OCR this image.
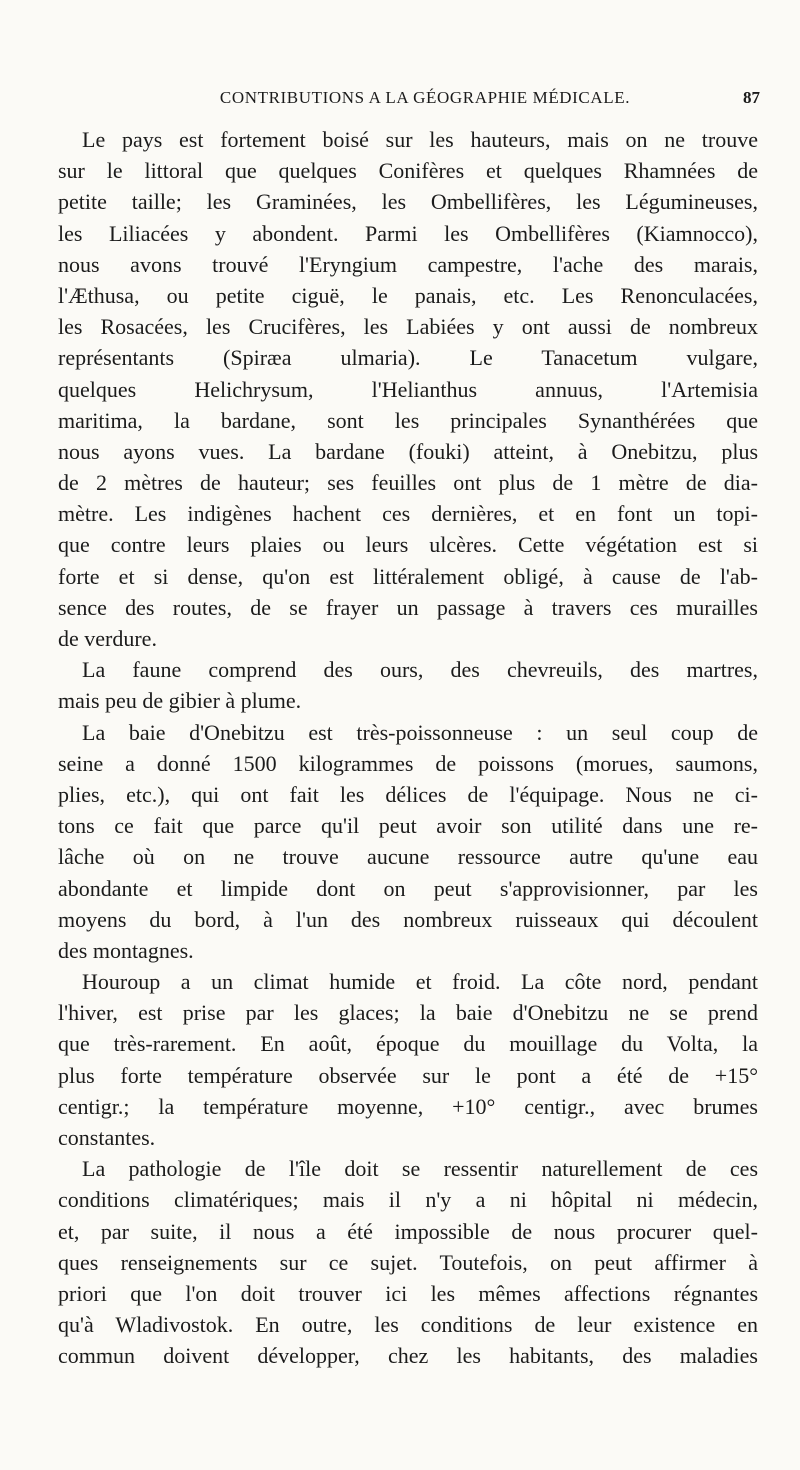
CONTRIBUTIONS A LA GÉOGRAPHIE MÉDICALE.	87
Le pays est fortement boisé sur les hauteurs, mais on ne trouve
sur le littoral que quelques Conifères et quelques Rhamnées de
petite taille; les Graminées, les Ombellifères, les Légumineuses,
les Liliacées y abondent. Parmi les Ombellifères (Kiamnocco),
nous avons trouvé l'Eryngium campestre, l'ache des marais,
l'Æthusa, ou petite ciguë, le panais, etc. Les Renonculacées,
les Rosacées, les Crucifères, les Labiées y ont aussi de nombreux
représentants (Spiræa ulmaria). Le Tanacetum vulgare,
quelques Helichrysum, l'Helianthus annuus, l'Artemisia
maritima, la bardane, sont les principales Synanthérées que
nous ayons vues. La bardane (fouki) atteint, à Onebitzu, plus
de 2 mètres de hauteur; ses feuilles ont plus de 1 mètre de dia-
mètre. Les indigènes hachent ces dernières, et en font un topi-
que contre leurs plaies ou leurs ulcères. Cette végétation est si
forte et si dense, qu'on est littéralement obligé, à cause de l'ab-
sence des routes, de se frayer un passage à travers ces murailles
de verdure.
La faune comprend des ours, des chevreuils, des martres,
mais peu de gibier à plume.
La baie d'Onebitzu est très-poissonneuse : un seul coup de
seine a donné 1500 kilogrammes de poissons (morues, saumons,
plies, etc.), qui ont fait les délices de l'équipage. Nous ne ci-
tons ce fait que parce qu'il peut avoir son utilité dans une re-
lâche où on ne trouve aucune ressource autre qu'une eau
abondante et limpide dont on peut s'approvisionner, par les
moyens du bord, à l'un des nombreux ruisseaux qui découlent
des montagnes.
Houroup a un climat humide et froid. La côte nord, pendant
l'hiver, est prise par les glaces; la baie d'Onebitzu ne se prend
que très-rarement. En août, époque du mouillage du Volta, la
plus forte température observée sur le pont a été de +15°
centigr.; la température moyenne, +10° centigr., avec brumes
constantes.
La pathologie de l'île doit se ressentir naturellement de ces
conditions climatériques; mais il n'y a ni hôpital ni médecin,
et, par suite, il nous a été impossible de nous procurer quel-
ques renseignements sur ce sujet. Toutefois, on peut affirmer à
priori que l'on doit trouver ici les mêmes affections régnantes
qu'à Wladivostok. En outre, les conditions de leur existence en
commun doivent développer, chez les habitants, des maladies
